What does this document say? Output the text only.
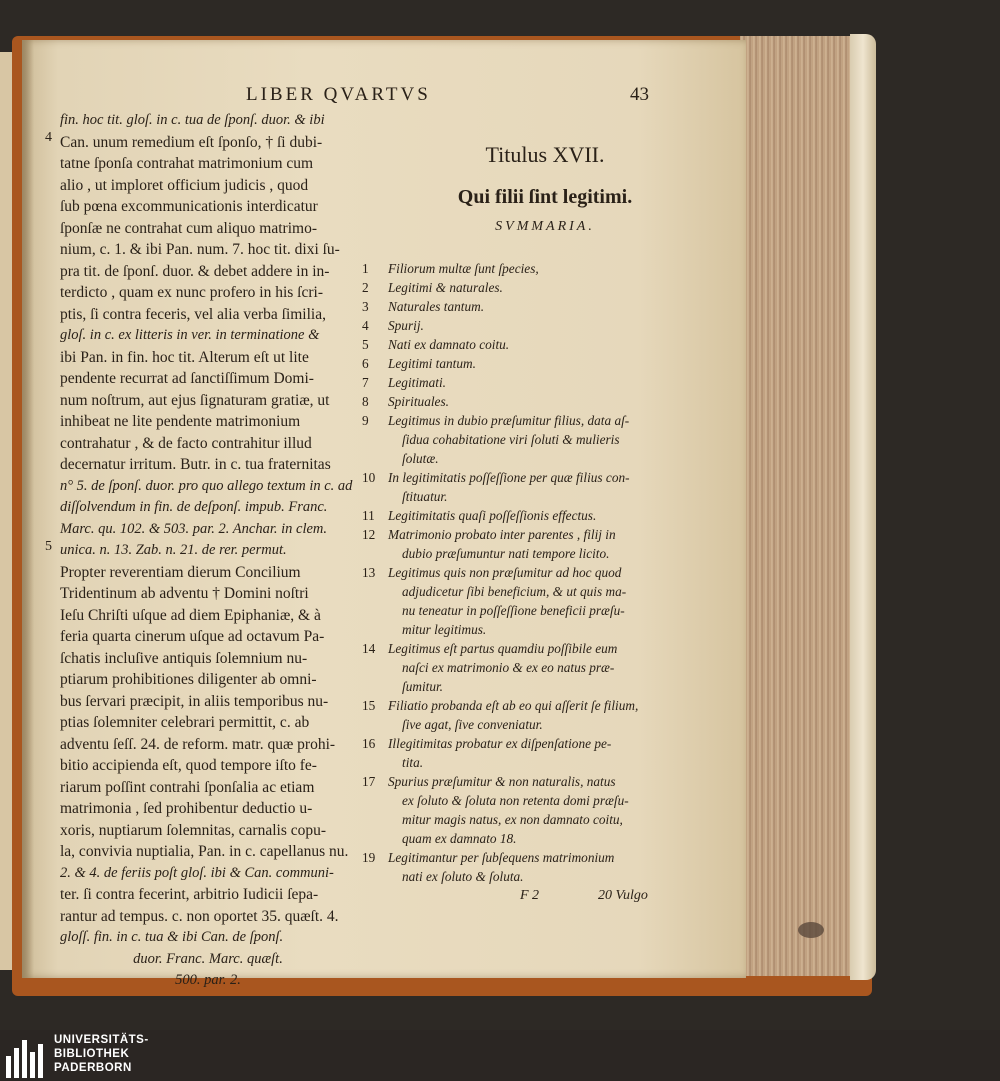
LIBER QVARTVS	43
4
5
fin. hoc tit. gloſ. in c. tua de ſponſ. duor. & ibi
Can. unum remedium eſt ſponſo, † ſi dubi-
tatne ſponſa contrahat matrimonium cum
alio , ut imploret officium judicis , quod
ſub pœna excommunicationis interdicatur
ſponſæ ne contrahat cum aliquo matrimo-
nium, c. 1. & ibi Pan. num. 7. hoc tit. dixi ſu-
pra tit. de ſponſ. duor. & debet addere in in-
terdicto , quam ex nunc profero in his ſcri-
ptis, ſi contra feceris, vel alia verba ſimilia,
gloſ. in c. ex litteris in ver. in terminatione &
ibi Pan. in fin. hoc tit. Alterum eſt ut lite
pendente recurrat ad ſanctiſſimum Domi-
num noſtrum, aut ejus ſignaturam gratiæ, ut
inhibeat ne lite pendente matrimonium
contrahatur , & de facto contrahitur illud
decernatur irritum. Butr. in c. tua fraternitas
n° 5. de ſponſ. duor. pro quo allego textum in c. ad
diſſolvendum in fin. de deſponſ. impub. Franc.
Marc. qu. 102. & 503. par. 2. Anchar. in clem.
unica. n. 13. Zab. n. 21. de rer. permut.
Propter reverentiam dierum Concilium
Tridentinum ab adventu † Domini noſtri
Ieſu Chriſti uſque ad diem Epiphaniæ, & à
feria quarta cinerum uſque ad octavum Pa-
ſchatis incluſive antiquis ſolemnium nu-
ptiarum prohibitiones diligenter ab omni-
bus ſervari præcipit, in aliis temporibus nu-
ptias ſolemniter celebrari permittit, c. ab
adventu ſeſſ. 24. de reform. matr. quæ prohi-
bitio accipienda eſt, quod tempore iſto fe-
riarum poſſint contrahi ſponſalia ac etiam
matrimonia , ſed prohibentur deductio u-
xoris, nuptiarum ſolemnitas, carnalis copu-
la, convivia nuptialia, Pan. in c. capellanus nu.
2. & 4. de feriis poſt gloſ. ibi & Can. communi-
ter. ſi contra fecerint, arbitrio Iudicii ſepa-
rantur ad tempus. c. non oportet 35. quæſt. 4.
gloſſ. fin. in c. tua & ibi Can. de ſponſ.
duor. Franc. Marc. quæſt.
500. par. 2.
Titulus XVII.
Qui filii ſint legitimi.
SVMMARIA.
1 Filiorum multæ ſunt ſpecies,
2 Legitimi & naturales.
3 Naturales tantum.
4 Spurij.
5 Nati ex damnato coitu.
6 Legitimi tantum.
7 Legitimati.
8 Spirituales.
9 Legitimus in dubio præſumitur filius, data aſ-
ſidua cohabitatione viri ſoluti & mulieris
ſolutæ.
10 In legitimitatis poſſeſſione per quæ filius con-
ſtituatur.
11 Legitimitatis quaſi poſſeſſionis effectus.
12 Matrimonio probato inter parentes , filij in
dubio præſumuntur nati tempore licito.
13 Legitimus quis non præſumitur ad hoc quod
adjudicetur ſibi beneficium, & ut quis ma-
nu teneatur in poſſeſſione beneficii præſu-
mitur legitimus.
14 Legitimus eſt partus quamdiu poſſibile eum
naſci ex matrimonio & ex eo natus præ-
ſumitur.
15 Filiatio probanda eſt ab eo qui aſſerit ſe filium,
ſive agat, ſive conveniatur.
16 Illegitimitas probatur ex diſpenſatione pe-
tita.
17 Spurius præſumitur & non naturalis, natus
ex ſoluto & ſoluta non retenta domi præſu-
mitur magis natus, ex non damnato coitu,
quam ex damnato 18.
19 Legitimantur per ſubſequens matrimonium
nati ex ſoluto & ſoluta.
F 2	20 Vulgo
UNIVERSITÄTS-
BIBLIOTHEK
PADERBORN
